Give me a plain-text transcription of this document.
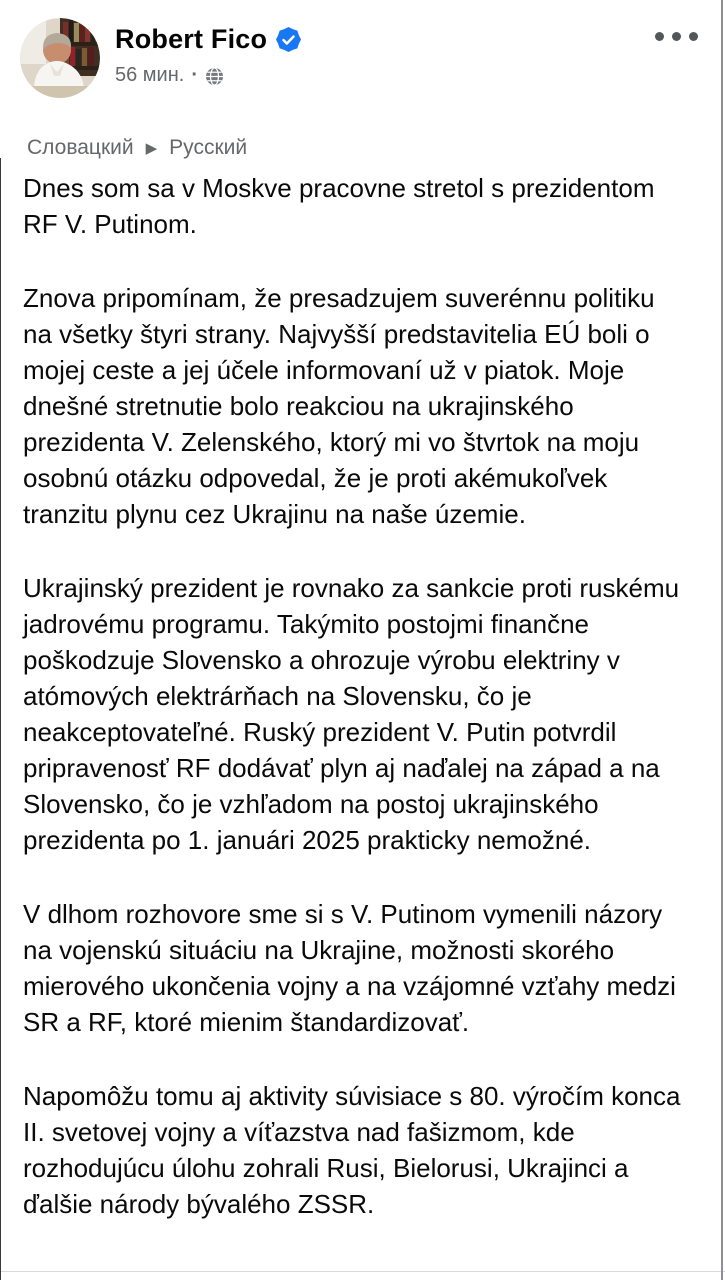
Robert Fico
56 мин. ·
Словацкий ▶ Русский

Dnes som sa v Moskve pracovne stretol s prezidentom RF V. Putinom.

Znova pripomínam, že presadzujem suverénnu politiku na všetky štyri strany. Najvyšší predstavitelia EÚ boli o mojej ceste a jej účele informovaní už v piatok. Moje dnešné stretnutie bolo reakciou na ukrajinského prezidenta V. Zelenského, ktorý mi vo štvrtok na moju osobnú otázku odpovedal, že je proti akémukoľvek tranzitu plynu cez Ukrajinu na naše územie.

Ukrajinský prezident je rovnako za sankcie proti ruskému jadrovému programu. Takýmito postojmi finančne poškodzuje Slovensko a ohrozuje výrobu elektriny v atómových elektrárňach na Slovensku, čo je neakceptovateľné. Ruský prezident V. Putin potvrdil pripravenosť RF dodávať plyn aj naďalej na západ a na Slovensko, čo je vzhľadom na postoj ukrajinského prezidenta po 1. januári 2025 prakticky nemožné.

V dlhom rozhovore sme si s V. Putinom vymenili názory na vojenskú situáciu na Ukrajine, možnosti skorého mierového ukončenia vojny a na vzájomné vzťahy medzi SR a RF, ktoré mienim štandardizovať.

Napomôžu tomu aj aktivity súvisiace s 80. výročím konca II. svetovej vojny a víťazstva nad fašizmom, kde rozhodujúcu úlohu zohrali Rusi, Bielorusi, Ukrajinci a ďalšie národy bývalého ZSSR.
